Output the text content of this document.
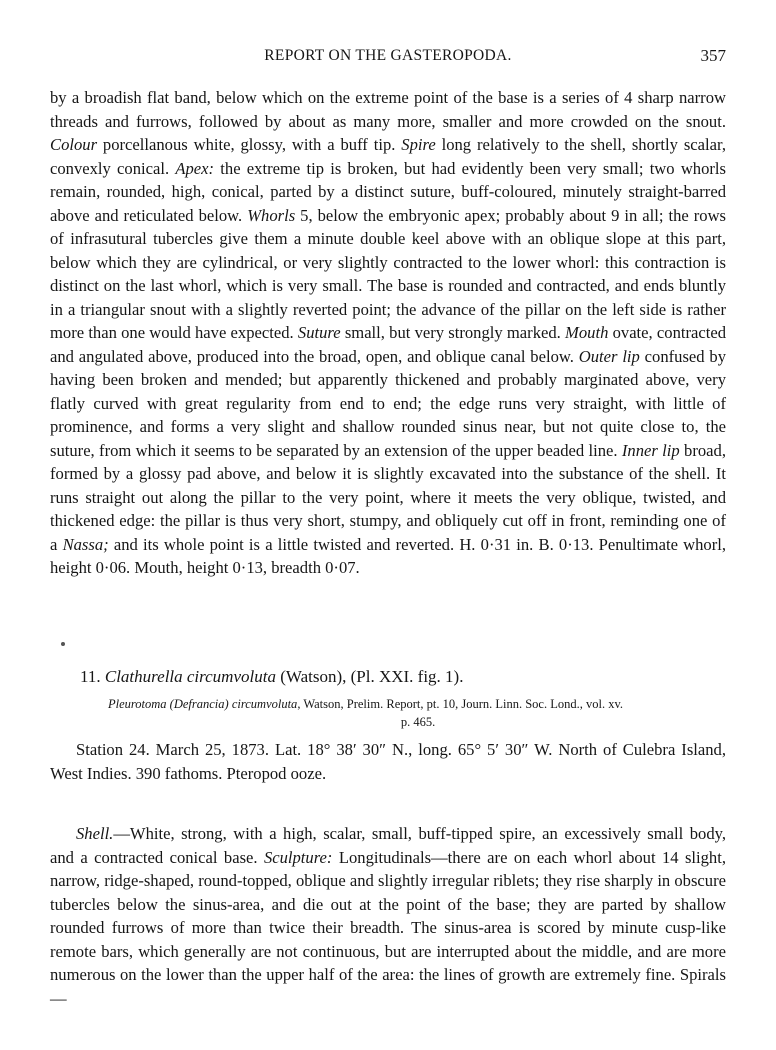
REPORT ON THE GASTEROPODA.	357

by a broadish flat band, below which on the extreme point of the base is a series of 4 sharp narrow threads and furrows, followed by about as many more, smaller and more crowded on the snout. Colour porcellanous white, glossy, with a buff tip. Spire long relatively to the shell, shortly scalar, convexly conical. Apex: the extreme tip is broken, but had evidently been very small; two whorls remain, rounded, high, conical, parted by a distinct suture, buff-coloured, minutely straight-barred above and reticulated below. Whorls 5, below the embryonic apex; probably about 9 in all; the rows of infrasutural tubercles give them a minute double keel above with an oblique slope at this part, below which they are cylindrical, or very slightly contracted to the lower whorl: this contraction is distinct on the last whorl, which is very small. The base is rounded and contracted, and ends bluntly in a triangular snout with a slightly reverted point; the advance of the pillar on the left side is rather more than one would have expected. Suture small, but very strongly marked. Mouth ovate, contracted and angulated above, produced into the broad, open, and oblique canal below. Outer lip confused by having been broken and mended; but apparently thickened and probably marginated above, very flatly curved with great regularity from end to end; the edge runs very straight, with little of prominence, and forms a very slight and shallow rounded sinus near, but not quite close to, the suture, from which it seems to be separated by an extension of the upper beaded line. Inner lip broad, formed by a glossy pad above, and below it is slightly excavated into the substance of the shell. It runs straight out along the pillar to the very point, where it meets the very oblique, twisted, and thickened edge: the pillar is thus very short, stumpy, and obliquely cut off in front, reminding one of a Nassa; and its whole point is a little twisted and reverted. H. 0·31 in. B. 0·13. Penultimate whorl, height 0·06. Mouth, height 0·13, breadth 0·07.

11. Clathurella circumvoluta (Watson), (Pl. XXI. fig. 1).
Pleurotoma (Defrancia) circumvoluta, Watson, Prelim. Report, pt. 10, Journ. Linn. Soc. Lond., vol. xv.
p. 465.

Station 24. March 25, 1873. Lat. 18° 38′ 30″ N., long. 65° 5′ 30″ W. North of Culebra Island, West Indies. 390 fathoms. Pteropod ooze.

Shell.—White, strong, with a high, scalar, small, buff-tipped spire, an excessively small body, and a contracted conical base. Sculpture: Longitudinals—there are on each whorl about 14 slight, narrow, ridge-shaped, round-topped, oblique and slightly irregular riblets; they rise sharply in obscure tubercles below the sinus-area, and die out at the point of the base; they are parted by shallow rounded furrows of more than twice their breadth. The sinus-area is scored by minute cusp-like remote bars, which generally are not continuous, but are interrupted about the middle, and are more numerous on the lower than the upper half of the area: the lines of growth are extremely fine. Spirals—
